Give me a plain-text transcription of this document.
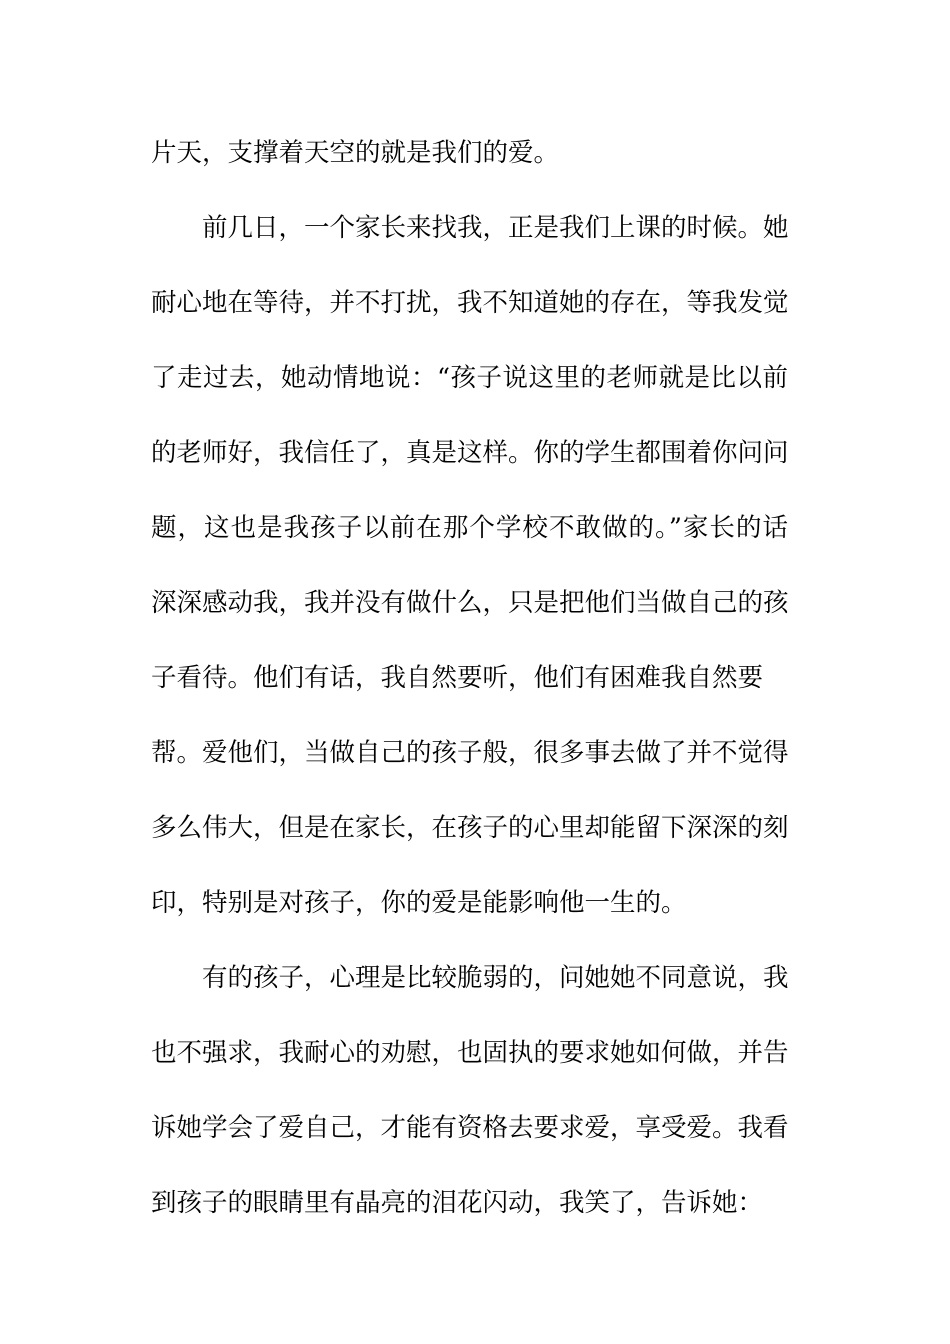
片天，支撑着天空的就是我们的爱。
前几日，一个家长来找我，正是我们上课的时候。她
耐心地在等待，并不打扰，我不知道她的存在，等我发觉
了走过去，她动情地说：“孩子说这里的老师就是比以前
的老师好，我信任了，真是这样。你的学生都围着你问问
题，这也是我孩子以前在那个学校不敢做的。”家长的话
深深感动我，我并没有做什么，只是把他们当做自己的孩
子看待。他们有话，我自然要听，他们有困难我自然要
帮。爱他们，当做自己的孩子般，很多事去做了并不觉得
多么伟大，但是在家长，在孩子的心里却能留下深深的刻
印，特别是对孩子，你的爱是能影响他一生的。
有的孩子，心理是比较脆弱的，问她她不同意说，我
也不强求，我耐心的劝慰，也固执的要求她如何做，并告
诉她学会了爱自己，才能有资格去要求爱，享受爱。我看
到孩子的眼睛里有晶亮的泪花闪动，我笑了，告诉她：
